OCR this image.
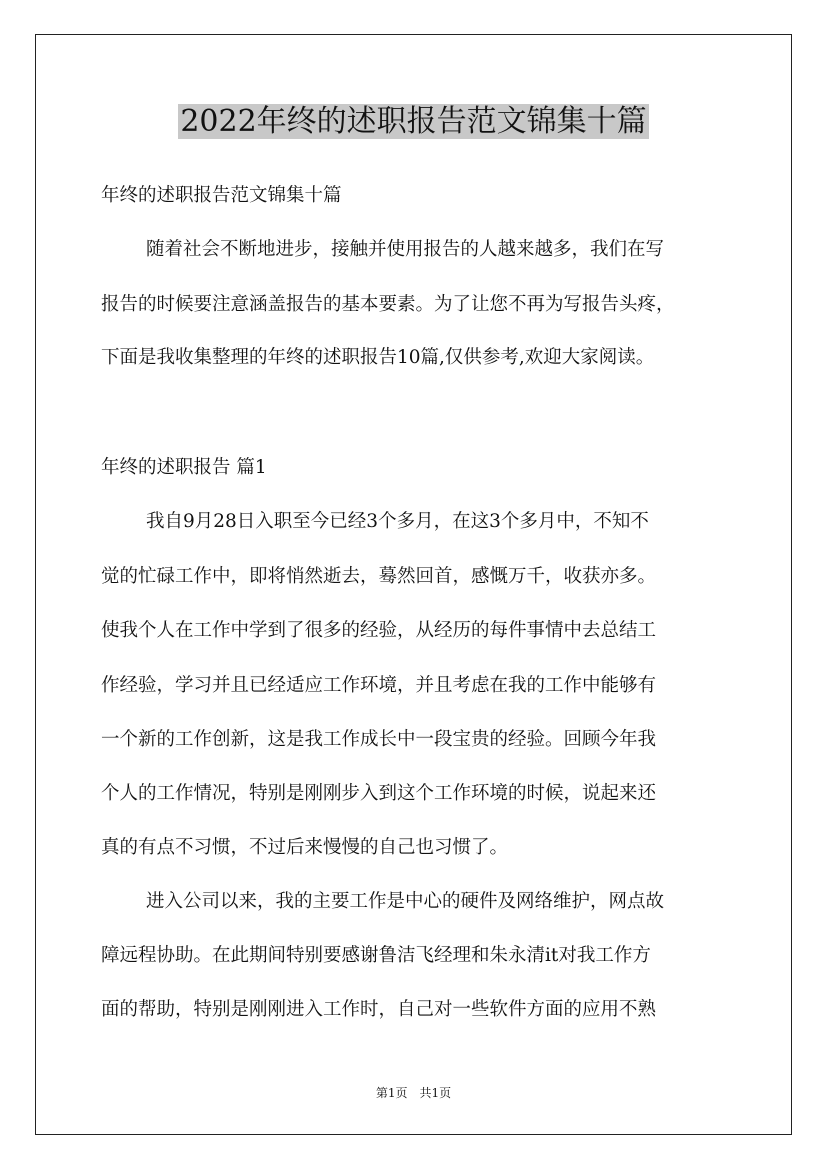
2022年终的述职报告范文锦集十篇

年终的述职报告范文锦集十篇

随着社会不断地进步，接触并使用报告的人越来越多，我们在写

报告的时候要注意涵盖报告的基本要素。为了让您不再为写报告头疼，

下面是我收集整理的年终的述职报告10篇,仅供参考,欢迎大家阅读。

年终的述职报告 篇1

我自9月28日入职至今已经3个多月，在这3个多月中，不知不

觉的忙碌工作中，即将悄然逝去，蓦然回首，感慨万千，收获亦多。

使我个人在工作中学到了很多的经验，从经历的每件事情中去总结工

作经验，学习并且已经适应工作环境，并且考虑在我的工作中能够有

一个新的工作创新，这是我工作成长中一段宝贵的经验。回顾今年我

个人的工作情况，特别是刚刚步入到这个工作环境的时候，说起来还

真的有点不习惯，不过后来慢慢的自己也习惯了。

进入公司以来，我的主要工作是中心的硬件及网络维护，网点故

障远程协助。在此期间特别要感谢鲁洁飞经理和朱永清it对我工作方

面的帮助，特别是刚刚进入工作时，自己对一些软件方面的应用不熟

第1页　共1页
